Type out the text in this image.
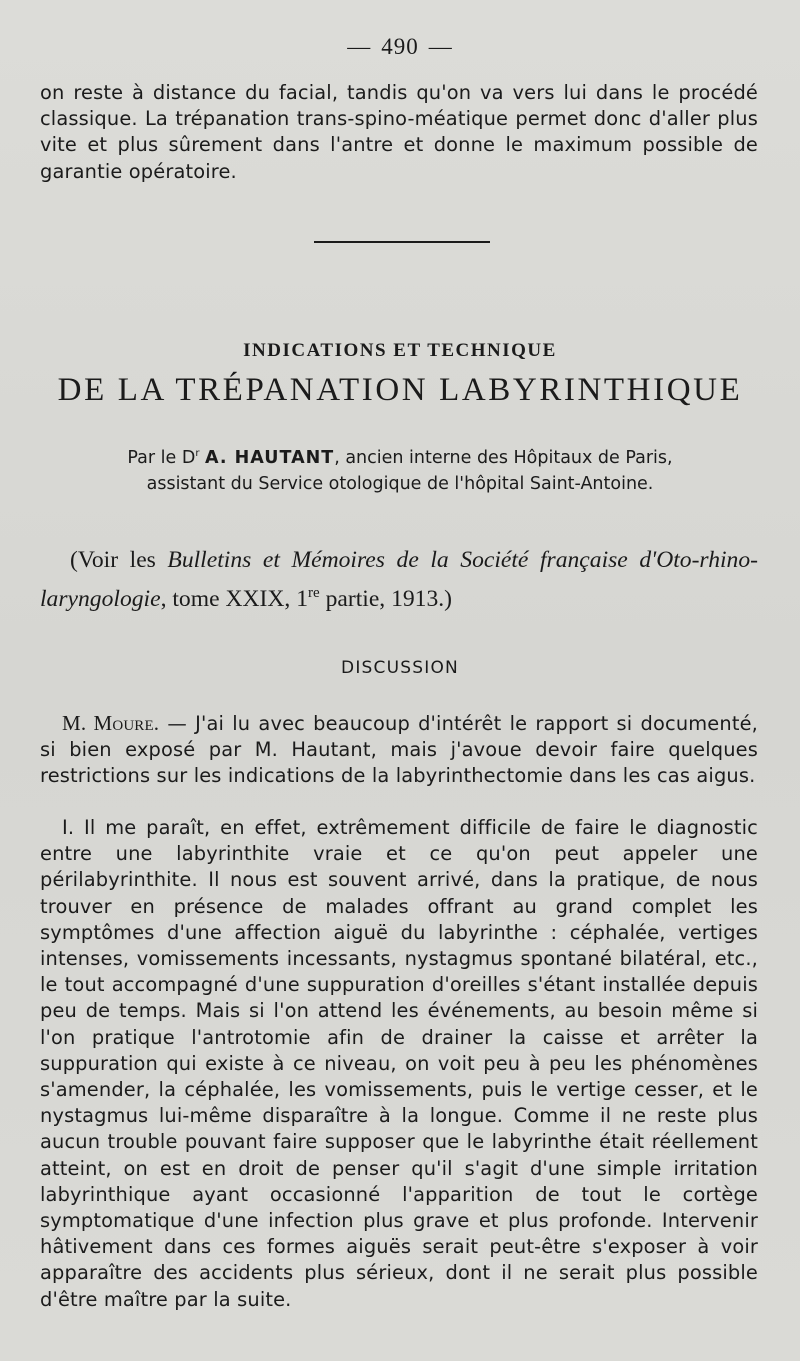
— 490 —
on reste à distance du facial, tandis qu'on va vers lui dans le procédé classique. La trépanation trans-spino-méatique permet donc d'aller plus vite et plus sûrement dans l'antre et donne le maximum possible de garantie opératoire.
INDICATIONS ET TECHNIQUE
DE LA TRÉPANATION LABYRINTHIQUE
Par le $D^r$ A. HAUTANT, ancien interne des Hôpitaux de Paris,
assistant du Service otologique de l'hôpital Saint-Antoine.
(Voir les Bulletins et Mémoires de la Société française d'Oto-rhino-laryngologie, tome XXIX, 1re partie, 1913.)
DISCUSSION
M. Moure. — J'ai lu avec beaucoup d'intérêt le rapport si documenté, si bien exposé par M. Hautant, mais j'avoue devoir faire quelques restrictions sur les indications de la labyrinthectomie dans les cas aigus.
I. Il me paraît, en effet, extrêmement difficile de faire le diagnostic entre une labyrinthite vraie et ce qu'on peut appeler une périlabyrinthite. Il nous est souvent arrivé, dans la pratique, de nous trouver en présence de malades offrant au grand complet les symptômes d'une affection aiguë du labyrinthe : céphalée, vertiges intenses, vomissements incessants, nystagmus spontané bilatéral, etc., le tout accompagné d'une suppuration d'oreilles s'étant installée depuis peu de temps. Mais si l'on attend les événements, au besoin même si l'on pratique l'antrotomie afin de drainer la caisse et arrêter la suppuration qui existe à ce niveau, on voit peu à peu les phénomènes s'amender, la céphalée, les vomissements, puis le vertige cesser, et le nystagmus lui-même disparaître à la longue. Comme il ne reste plus aucun trouble pouvant faire supposer que le labyrinthe était réellement atteint, on est en droit de penser qu'il s'agit d'une simple irritation labyrinthique ayant occasionné l'apparition de tout le cortège symptomatique d'une infection plus grave et plus profonde. Intervenir hâtivement dans ces formes aiguës serait peut-être s'exposer à voir apparaître des accidents plus sérieux, dont il ne serait plus possible d'être maître par la suite.
